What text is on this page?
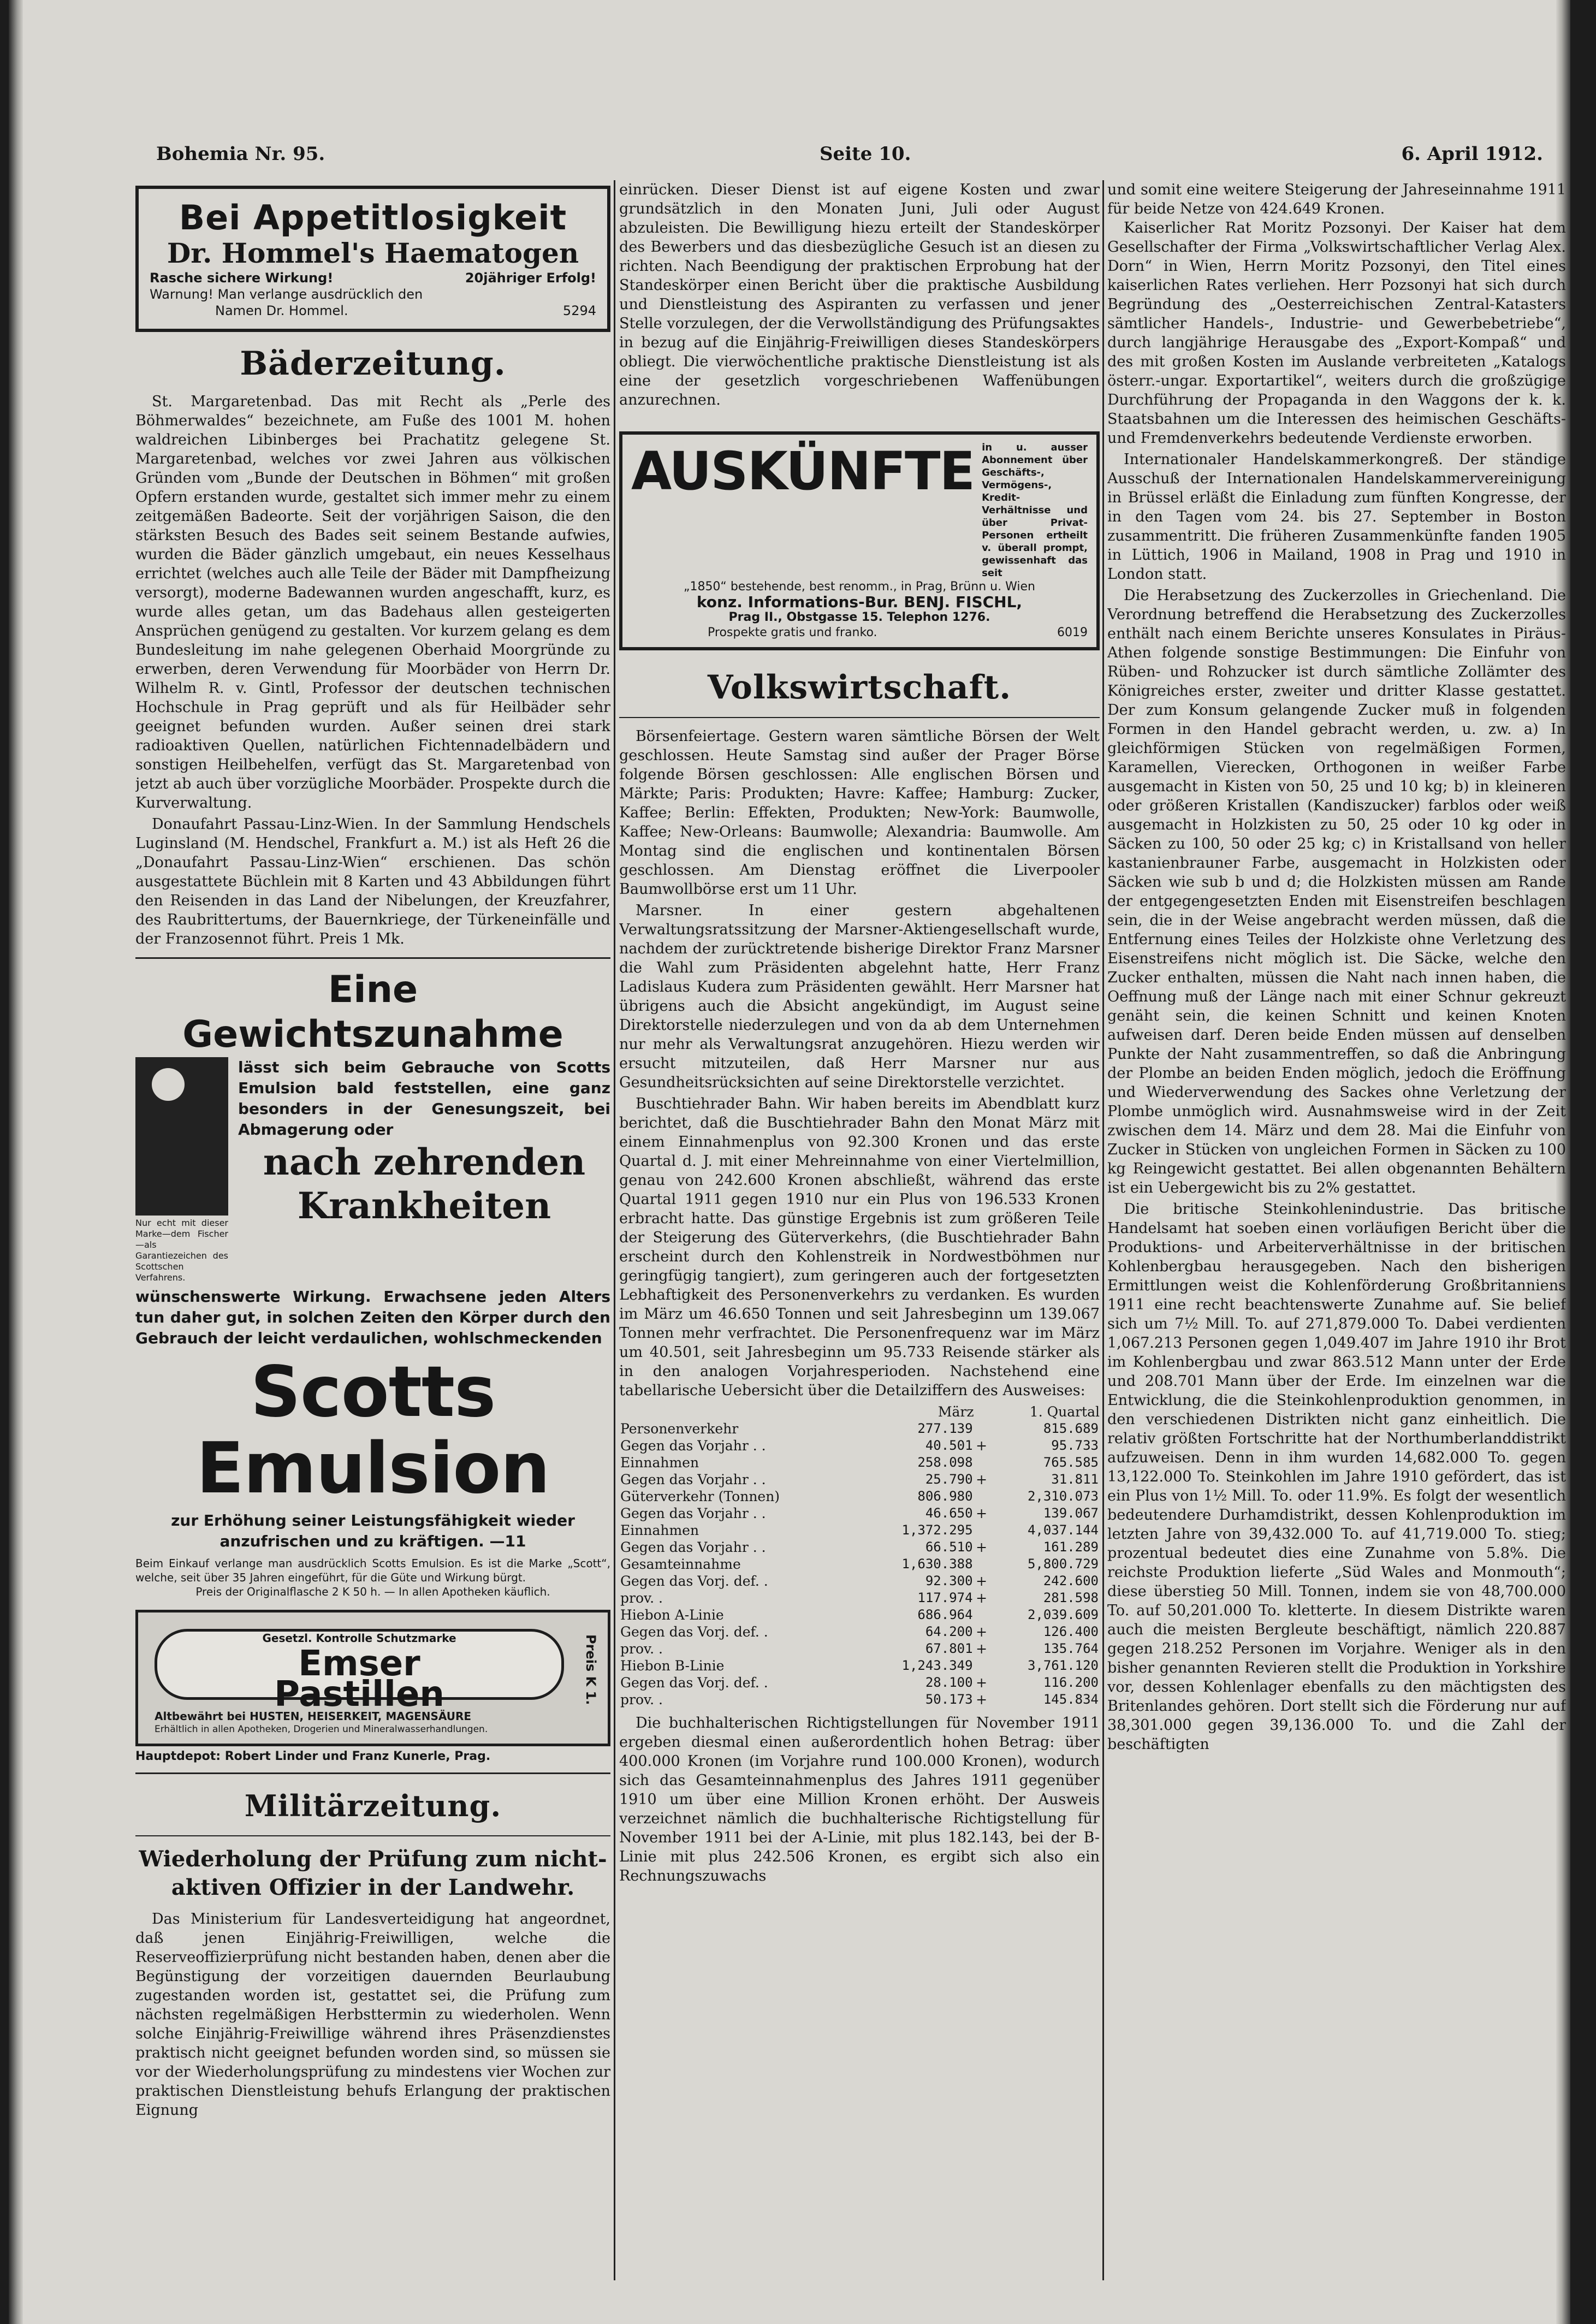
Bohemia Nr. 95.	Seite 10.	6. April 1912.
Bei Appetitlosigkeit
Dr. Hommel's Haematogen
Rasche sichere Wirkung!	20jähriger Erfolg!
Warnung! Man verlange ausdrücklich den
Namen Dr. Hommel.	5294
Bäderzeitung.

St. Margaretenbad. Das mit Recht als „Perle des Böhmerwaldes“ bezeichnete, am Fuße des 1001 M. hohen waldreichen Libinberges bei Prachatitz gelegene St. Margaretenbad, welches vor zwei Jahren aus völkischen Gründen vom „Bunde der Deutschen in Böhmen“ mit großen Opfern erstanden wurde, gestaltet sich immer mehr zu einem zeitgemäßen Badeorte. Seit der vorjährigen Saison, die den stärksten Besuch des Bades seit seinem Bestande aufwies, wurden die Bäder gänzlich umgebaut, ein neues Kesselhaus errichtet (welches auch alle Teile der Bäder mit Dampfheizung versorgt), moderne Badewannen wurden angeschafft, kurz, es wurde alles getan, um das Badehaus allen gesteigerten Ansprüchen genügend zu gestalten. Vor kurzem gelang es dem Bundesleitung im nahe gelegenen Oberhaid Moorgründe zu erwerben, deren Verwendung für Moorbäder von Herrn Dr. Wilhelm R. v. Gintl, Professor der deutschen technischen Hochschule in Prag geprüft und als für Heilbäder sehr geeignet befunden wurden. Außer seinen drei stark radioaktiven Quellen, natürlichen Fichtennadelbädern und sonstigen Heilbehelfen, verfügt das St. Margaretenbad von jetzt ab auch über vorzügliche Moorbäder. Prospekte durch die Kurverwaltung.

Donaufahrt Passau-Linz-Wien. In der Sammlung Hendschels Luginsland (M. Hendschel, Frankfurt a. M.) ist als Heft 26 die „Donaufahrt Passau-Linz-Wien“ erschienen. Das schön ausgestattete Büchlein mit 8 Karten und 43 Abbildungen führt den Reisenden in das Land der Nibelungen, der Kreuzfahrer, des Raubrittertums, der Bauernkriege, der Türkeneinfälle und der Franzosennot führt. Preis 1 Mk.

Eine Gewichtszunahme
Nur echt mit dieser Marke—dem Fischer—als Garantiezeichen des Scottschen Verfahrens.
lässt sich beim Gebrauche von Scotts Emulsion bald feststellen, eine ganz besonders in der Genesungszeit, bei Abmagerung oder
nach zehrenden
Krankheiten
wünschenswerte Wirkung. Erwachsene jeden Alters tun daher gut, in solchen Zeiten den Körper durch den Gebrauch der leicht verdaulichen, wohlschmeckenden
Scotts Emulsion
zur Erhöhung seiner Leistungsfähigkeit wieder anzufrischen und zu kräftigen. —11
Beim Einkauf verlange man ausdrücklich Scotts Emulsion. Es ist die Marke „Scott“, welche, seit über 35 Jahren eingeführt, für die Güte und Wirkung bürgt.
Preis der Originalflasche 2 K 50 h. — In allen Apotheken käuflich.
Gesetzl. Kontrolle Schutzmarke
Emser
Pastillen	Preis K 1.
Altbewährt bei HUSTEN, HEISERKEIT, MAGENSÄURE
Erhältlich in allen Apotheken, Drogerien und Mineralwasserhandlungen.
Hauptdepot: Robert Linder und Franz Kunerle, Prag.
Militärzeitung.
Wiederholung der Prüfung zum nicht-aktiven Offizier in der Landwehr.

Das Ministerium für Landesverteidigung hat angeordnet, daß jenen Einjährig-Freiwilligen, welche die Reserveoffizierprüfung nicht bestanden haben, denen aber die Begünstigung der vorzeitigen dauernden Beurlaubung zugestanden worden ist, gestattet sei, die Prüfung zum nächsten regelmäßigen Herbsttermin zu wiederholen. Wenn solche Einjährig-Freiwillige während ihres Präsenzdienstes praktisch nicht geeignet befunden worden sind, so müssen sie vor der Wiederholungsprüfung zu mindestens vier Wochen zur praktischen Dienstleistung behufs Erlangung der praktischen Eignung

einrücken. Dieser Dienst ist auf eigene Kosten und zwar grundsätzlich in den Monaten Juni, Juli oder August abzuleisten. Die Bewilligung hiezu erteilt der Standeskörper des Bewerbers und das diesbezügliche Gesuch ist an diesen zu richten. Nach Beendigung der praktischen Erprobung hat der Standeskörper einen Bericht über die praktische Ausbildung und Dienstleistung des Aspiranten zu verfassen und jener Stelle vorzulegen, der die Verwollständigung des Prüfungsaktes in bezug auf die Einjährig-Freiwilligen dieses Standeskörpers obliegt. Die vierwöchentliche praktische Dienstleistung ist als eine der gesetzlich vorgeschriebenen Waffenübungen anzurechnen.

AUSKÜNFTE in u. ausser Abonnement über Geschäfts-, Vermögens-, Kredit-Verhältnisse und über Privat-Personen ertheilt v. überall prompt, gewissenhaft das seit
„1850“ bestehende, best renomm., in Prag, Brünn u. Wien
konz. Informations-Bur. BENJ. FISCHL,
Prag II., Obstgasse 15. Telephon 1276.
Prospekte gratis und franko.	6019
Volkswirtschaft.

Börsenfeiertage. Gestern waren sämtliche Börsen der Welt geschlossen. Heute Samstag sind außer der Prager Börse folgende Börsen geschlossen: Alle englischen Börsen und Märkte; Paris: Produkten; Havre: Kaffee; Hamburg: Zucker, Kaffee; Berlin: Effekten, Produkten; New-York: Baumwolle, Kaffee; New-Orleans: Baumwolle; Alexandria: Baumwolle. Am Montag sind die englischen und kontinentalen Börsen geschlossen. Am Dienstag eröffnet die Liverpooler Baumwollbörse erst um 11 Uhr.

Marsner. In einer gestern abgehaltenen Verwaltungsratssitzung der Marsner-Aktiengesellschaft wurde, nachdem der zurücktretende bisherige Direktor Franz Marsner die Wahl zum Präsidenten abgelehnt hatte, Herr Franz Ladislaus Kudera zum Präsidenten gewählt. Herr Marsner hat übrigens auch die Absicht angekündigt, im August seine Direktorstelle niederzulegen und von da ab dem Unternehmen nur mehr als Verwaltungsrat anzugehören. Hiezu werden wir ersucht mitzuteilen, daß Herr Marsner nur aus Gesundheitsrücksichten auf seine Direktorstelle verzichtet.

Buschtiehrader Bahn. Wir haben bereits im Abendblatt kurz berichtet, daß die Buschtiehrader Bahn den Monat März mit einem Einnahmenplus von 92.300 Kronen und das erste Quartal d. J. mit einer Mehreinnahme von einer Viertelmillion, genau von 242.600 Kronen abschließt, während das erste Quartal 1911 gegen 1910 nur ein Plus von 196.533 Kronen erbracht hatte. Das günstige Ergebnis ist zum größeren Teile der Steigerung des Güterverkehrs, (die Buschtiehrader Bahn erscheint durch den Kohlenstreik in Nordwestböhmen nur geringfügig tangiert), zum geringeren auch der fortgesetzten Lebhaftigkeit des Personenverkehrs zu verdanken. Es wurden im März um 46.650 Tonnen und seit Jahresbeginn um 139.067 Tonnen mehr verfrachtet. Die Personenfrequenz war im März um 40.501, seit Jahresbeginn um 95.733 Reisende stärker als in den analogen Vorjahresperioden. Nachstehend eine tabellarische Uebersicht über die Detailziffern des Ausweises:

	März		1. Quartal
Personenverkehr	277.139		815.689
Gegen das Vorjahr . .	40.501	+	95.733
Einnahmen	258.098		765.585
Gegen das Vorjahr . .	25.790	+	31.811
Güterverkehr (Tonnen)	806.980		2,310.073
Gegen das Vorjahr . .	46.650	+	139.067
Einnahmen	1,372.295		4,037.144
Gegen das Vorjahr . .	66.510	+	161.289
Gesamteinnahme	1,630.388		5,800.729
Gegen das Vorj. def. .	92.300	+	242.600
prov. .	117.974	+	281.598
Hiebon A-Linie	686.964		2,039.609
Gegen das Vorj. def. .	64.200	+	126.400
prov. .	67.801	+	135.764
Hiebon B-Linie	1,243.349		3,761.120
Gegen das Vorj. def. .	28.100	+	116.200
prov. .	50.173	+	145.834

Die buchhalterischen Richtigstellungen für November 1911 ergeben diesmal einen außerordentlich hohen Betrag: über 400.000 Kronen (im Vorjahre rund 100.000 Kronen), wodurch sich das Gesamteinnahmenplus des Jahres 1911 gegenüber 1910 um über eine Million Kronen erhöht. Der Ausweis verzeichnet nämlich die buchhalterische Richtigstellung für November 1911 bei der A-Linie, mit plus 182.143, bei der B-Linie mit plus 242.506 Kronen, es ergibt sich also ein Rechnungszuwachs

und somit eine weitere Steigerung der Jahreseinnahme 1911 für beide Netze von 424.649 Kronen.

Kaiserlicher Rat Moritz Pozsonyi. Der Kaiser hat dem Gesellschafter der Firma „Volkswirtschaftlicher Verlag Alex. Dorn“ in Wien, Herrn Moritz Pozsonyi, den Titel eines kaiserlichen Rates verliehen. Herr Pozsonyi hat sich durch Begründung des „Oesterreichischen Zentral-Katasters sämtlicher Handels-, Industrie- und Gewerbebetriebe“, durch langjährige Herausgabe des „Export-Kompaß“ und des mit großen Kosten im Auslande verbreiteten „Katalogs österr.-ungar. Exportartikel“, weiters durch die großzügige Durchführung der Propaganda in den Waggons der k. k. Staatsbahnen um die Interessen des heimischen Geschäfts- und Fremdenverkehrs bedeutende Verdienste erworben.

Internationaler Handelskammerkongreß. Der ständige Ausschuß der Internationalen Handelskammervereinigung in Brüssel erläßt die Einladung zum fünften Kongresse, der in den Tagen vom 24. bis 27. September in Boston zusammentritt. Die früheren Zusammenkünfte fanden 1905 in Lüttich, 1906 in Mailand, 1908 in Prag und 1910 in London statt.

Die Herabsetzung des Zuckerzolles in Griechenland. Die Verordnung betreffend die Herabsetzung des Zuckerzolles enthält nach einem Berichte unseres Konsulates in Piräus-Athen folgende sonstige Bestimmungen: Die Einfuhr von Rüben- und Rohzucker ist durch sämtliche Zollämter des Königreiches erster, zweiter und dritter Klasse gestattet. Der zum Konsum gelangende Zucker muß in folgenden Formen in den Handel gebracht werden, u. zw. a) In gleichförmigen Stücken von regelmäßigen Formen, Karamellen, Vierecken, Orthogonen in weißer Farbe ausgemacht in Kisten von 50, 25 und 10 kg; b) in kleineren oder größeren Kristallen (Kandiszucker) farblos oder weiß ausgemacht in Holzkisten zu 50, 25 oder 10 kg oder in Säcken zu 100, 50 oder 25 kg; c) in Kristallsand von heller kastanienbrauner Farbe, ausgemacht in Holzkisten oder Säcken wie sub b und d; die Holzkisten müssen am Rande der entgegengesetzten Enden mit Eisenstreifen beschlagen sein, die in der Weise angebracht werden müssen, daß die Entfernung eines Teiles der Holzkiste ohne Verletzung des Eisenstreifens nicht möglich ist. Die Säcke, welche den Zucker enthalten, müssen die Naht nach innen haben, die Oeffnung muß der Länge nach mit einer Schnur gekreuzt genäht sein, die keinen Schnitt und keinen Knoten aufweisen darf. Deren beide Enden müssen auf denselben Punkte der Naht zusammentreffen, so daß die Anbringung der Plombe an beiden Enden möglich, jedoch die Eröffnung und Wiederverwendung des Sackes ohne Verletzung der Plombe unmöglich wird. Ausnahmsweise wird in der Zeit zwischen dem 14. März und dem 28. Mai die Einfuhr von Zucker in Stücken von ungleichen Formen in Säcken zu 100 kg Reingewicht gestattet. Bei allen obgenannten Behältern ist ein Uebergewicht bis zu 2% gestattet.

Die britische Steinkohlenindustrie. Das britische Handelsamt hat soeben einen vorläufigen Bericht über die Produktions- und Arbeiterverhältnisse in der britischen Kohlenbergbau herausgegeben. Nach den bisherigen Ermittlungen weist die Kohlenförderung Großbritanniens 1911 eine recht beachtenswerte Zunahme auf. Sie belief sich um 7½ Mill. To. auf 271,879.000 To. Dabei verdienten 1,067.213 Personen gegen 1,049.407 im Jahre 1910 ihr Brot im Kohlenbergbau und zwar 863.512 Mann unter der Erde und 208.701 Mann über der Erde. Im einzelnen war die Entwicklung, die die Steinkohlenproduktion genommen, in den verschiedenen Distrikten nicht ganz einheitlich. Die relativ größten Fortschritte hat der Northumberlanddistrikt aufzuweisen. Denn in ihm wurden 14,682.000 To. gegen 13,122.000 To. Steinkohlen im Jahre 1910 gefördert, das ist ein Plus von 1½ Mill. To. oder 11.9%. Es folgt der wesentlich bedeutendere Durhamdistrikt, dessen Kohlenproduktion im letzten Jahre von 39,432.000 To. auf 41,719.000 To. stieg; prozentual bedeutet dies eine Zunahme von 5.8%. Die reichste Produktion lieferte „Süd Wales and Monmouth“; diese überstieg 50 Mill. Tonnen, indem sie von 48,700.000 To. auf 50,201.000 To. kletterte. In diesem Distrikte waren auch die meisten Bergleute beschäftigt, nämlich 220.887 gegen 218.252 Personen im Vorjahre. Weniger als in den bisher genannten Revieren stellt die Produktion in Yorkshire vor, dessen Kohlenlager ebenfalls zu den mächtigsten des Britenlandes gehören. Dort stellt sich die Förderung nur auf 38,301.000 gegen 39,136.000 To. und die Zahl der beschäftigten
